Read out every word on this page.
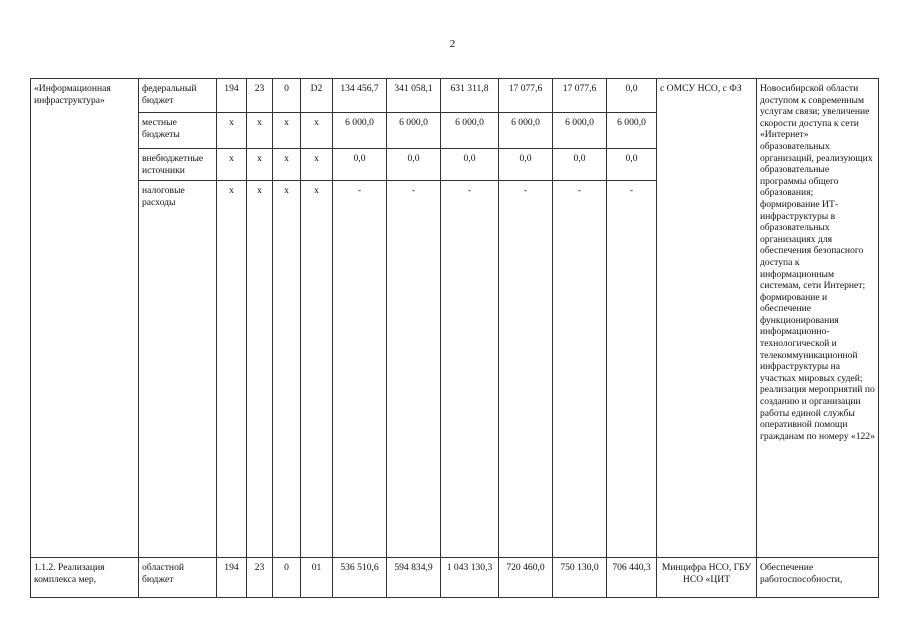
2
«Информационная инфраструктура»	федеральный бюджет	194	23	0	D2	134 456,7	341 058,1	631 311,8	17 077,6	17 077,6	0,0	с ОМСУ НСО, с ФЗ	Новосибирской области доступом к современным услугам связи; увеличение скорости доступа к сети «Интернет» образовательных организаций, реализующих образовательные программы общего образования; формирование ИТ-инфраструктуры в образовательных организациях для обеспечения безопасного доступа к информационным системам, сети Интернет; формирование и обеспечение функционирования информационно-технологической и телекоммуникационной инфраструктуры на участках мировых судей; реализация мероприятий по созданию и организации работы единой службы оперативной помощи гражданам по номеру «122»
	местные бюджеты	x	x	x	x	6 000,0	6 000,0	6 000,0	6 000,0	6 000,0	6 000,0		
	внебюджетные источники	x	x	x	x	0,0	0,0	0,0	0,0	0,0	0,0		
	налоговые расходы	x	x	x	x	-	-	-	-	-	-		
1.1.2. Реализация комплекса мер,	областной бюджет	194	23	0	01	536 510,6	594 834,9	1 043 130,3	720 460,0	750 130,0	706 440,3	Минцифра НСО, ГБУ НСО «ЦИТ	Обеспечение работоспособности,
